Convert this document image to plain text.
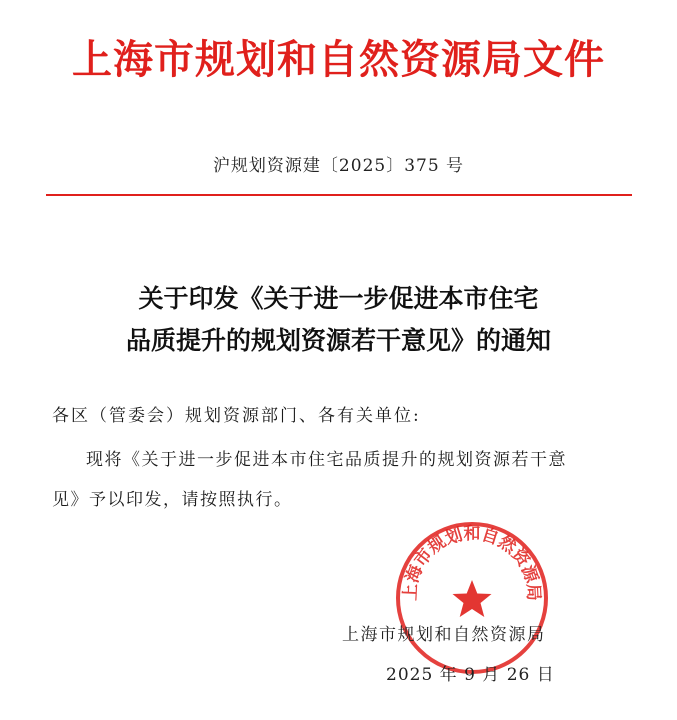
上海市规划和自然资源局文件
沪规划资源建〔2025〕375 号
关于印发《关于进一步促进本市住宅
品质提升的规划资源若干意见》的通知
各区（管委会）规划资源部门、各有关单位:
现将《关于进一步促进本市住宅品质提升的规划资源若干意
见》予以印发，请按照执行。
上海市规划和自然资源局
上海市规划和自然资源局
2025 年 9 月 26 日
